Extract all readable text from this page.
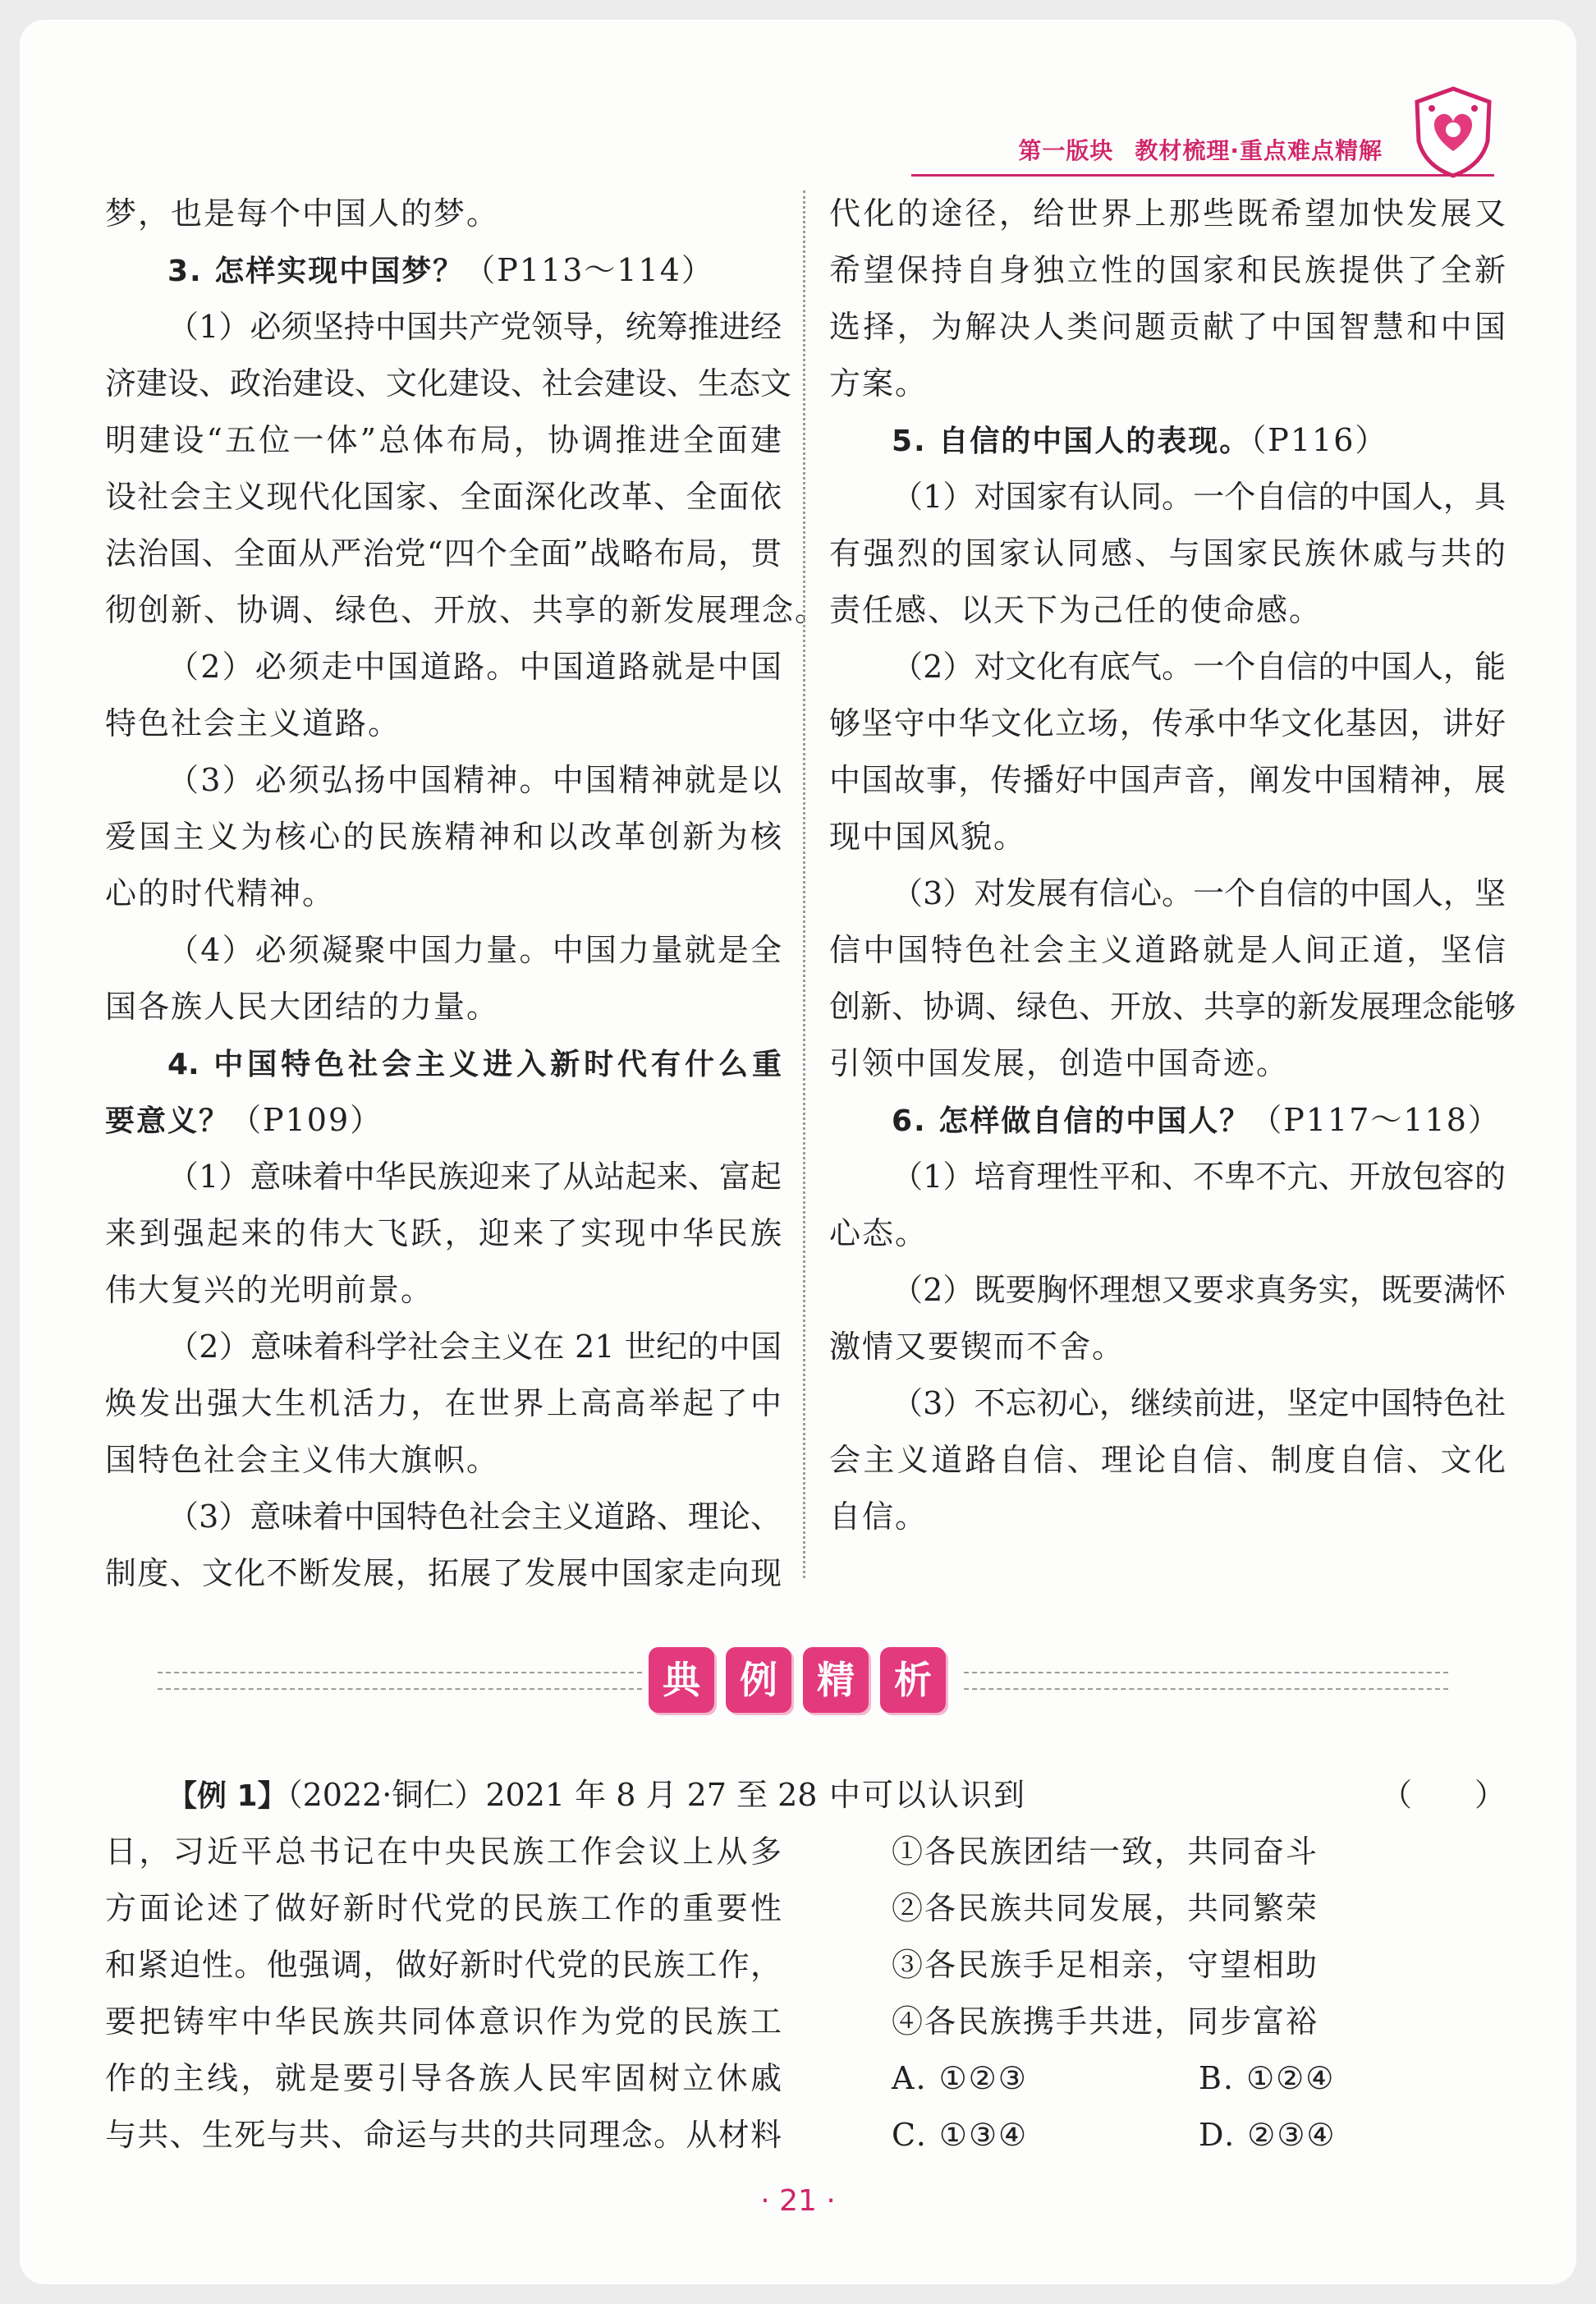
第一版块 教材梳理·重点难点精解
梦，也是每个中国人的梦。
3. 怎样实现中国梦？（P113～114）
（1）必须坚持中国共产党领导，统筹推进经
济建设、政治建设、文化建设、社会建设、生态文
明建设“五位一体”总体布局，协调推进全面建
设社会主义现代化国家、全面深化改革、全面依
法治国、全面从严治党“四个全面”战略布局，贯
彻创新、协调、绿色、开放、共享的新发展理念。
（2）必须走中国道路。中国道路就是中国
特色社会主义道路。
（3）必须弘扬中国精神。中国精神就是以
爱国主义为核心的民族精神和以改革创新为核
心的时代精神。
（4）必须凝聚中国力量。中国力量就是全
国各族人民大团结的力量。
4. 中国特色社会主义进入新时代有什么重
要意义？（P109）
（1）意味着中华民族迎来了从站起来、富起
来到强起来的伟大飞跃，迎来了实现中华民族
伟大复兴的光明前景。
（2）意味着科学社会主义在 21 世纪的中国
焕发出强大生机活力，在世界上高高举起了中
国特色社会主义伟大旗帜。
（3）意味着中国特色社会主义道路、理论、
制度、文化不断发展，拓展了发展中国家走向现
代化的途径，给世界上那些既希望加快发展又
希望保持自身独立性的国家和民族提供了全新
选择，为解决人类问题贡献了中国智慧和中国
方案。
5. 自信的中国人的表现。（P116）
（1）对国家有认同。一个自信的中国人，具
有强烈的国家认同感、与国家民族休戚与共的
责任感、以天下为己任的使命感。
（2）对文化有底气。一个自信的中国人，能
够坚守中华文化立场，传承中华文化基因，讲好
中国故事，传播好中国声音，阐发中国精神，展
现中国风貌。
（3）对发展有信心。一个自信的中国人，坚
信中国特色社会主义道路就是人间正道，坚信
创新、协调、绿色、开放、共享的新发展理念能够
引领中国发展，创造中国奇迹。
6. 怎样做自信的中国人？（P117～118）
（1）培育理性平和、不卑不亢、开放包容的
心态。
（2）既要胸怀理想又要求真务实，既要满怀
激情又要锲而不舍。
（3）不忘初心，继续前进，坚定中国特色社
会主义道路自信、理论自信、制度自信、文化
自信。
典	例	精	析
【例 1】（2022·铜仁）2021 年 8 月 27 至 28
日，习近平总书记在中央民族工作会议上从多
方面论述了做好新时代党的民族工作的重要性
和紧迫性。他强调，做好新时代党的民族工作，
要把铸牢中华民族共同体意识作为党的民族工
作的主线，就是要引导各族人民牢固树立休戚
与共、生死与共、命运与共的共同理念。从材料
中可以认识到	（　　）
①各民族团结一致，共同奋斗
②各民族共同发展，共同繁荣
③各民族手足相亲，守望相助
④各民族携手共进，同步富裕
A. ①②③	B. ①②④
C. ①③④	D. ②③④
· 21 ·
